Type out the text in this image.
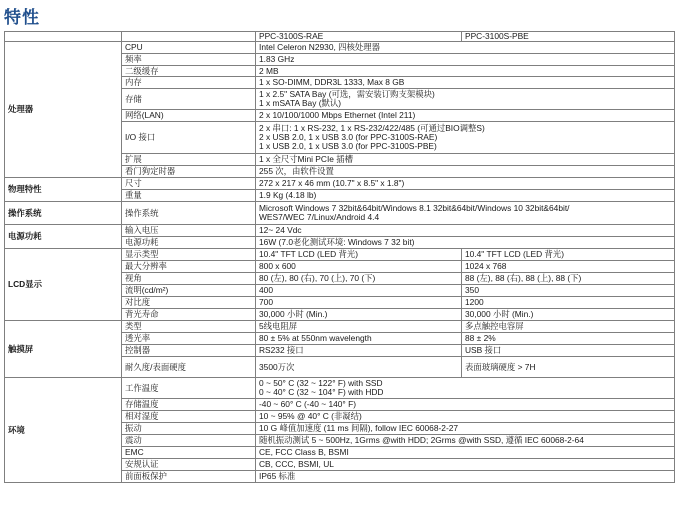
特性
		PPC-3100S-RAE	PPC-3100S-PBE
处理器	CPU	Intel Celeron N2930, 四核处理器	

	频率	1.83 GHz	

	二级缓存	2 MB	

	内存	1 x SO-DIMM, DDR3L 1333, Max 8 GB	

	存储	1 x 2.5" SATA Bay (可选，需安装订购支架模块)
1 x mSATA Bay (默认)	

	网络(LAN)	2 x 10/100/1000 Mbps Ethernet (Intel 211)	

	I/O 接口	2 x 串口: 1 x RS-232, 1 x RS-232/422/485 (可通过BIO调整S)
2 x USB 2.0, 1 x USB 3.0 (for PPC-3100S-RAE)
1 x USB 2.0, 1 x USB 3.0 (for PPC-3100S-PBE)	

	扩展	1 x 全尺寸Mini PCIe 插槽	

	看门狗定时器	255 次，由软件设置	

物理特性	尺寸	272 x 217 x 46 mm (10.7" x 8.5" x 1.8")	

	重量	1.9 Kg (4.18 lb)	

操作系统	操作系统	Microsoft Windows 7 32bit&64bit/Windows 8.1 32bit&64bit/Windows 10 32bit&64bit/
WES7/WEC 7/Linux/Android 4.4	

电源功耗	输入电压	12~ 24 Vdc	

	电源功耗	16W (7.0老化测试环境: Windows 7 32 bit)	

LCD显示	显示类型	10.4" TFT LCD (LED 背光)	10.4" TFT LCD (LED 背光)
	最大分辨率	800 x 600	1024 x 768
	视角	80 (左), 80 (右), 70 (上), 70 (下)	88 (左), 88 (右), 88 (上), 88 (下)
	流明(cd/m²)	400	350
	对比度	700	1200
	背光寿命	30,000 小时 (Min.)	30,000 小时 (Min.)
触摸屏	类型	5线电阻屏	多点触控电容屏
	透光率	80 ± 5% at 550nm wavelength	88 ± 2%
	控制器	RS232 接口	USB 接口
	耐久度/表面硬度	3500万次	表面玻璃硬度 > 7H
环境	工作温度	0 ~ 50° C (32 ~ 122° F) with SSD
0 ~ 40° C (32 ~ 104° F) with HDD	

	存储温度	-40 ~ 60° C (-40 ~ 140° F)	

	相对湿度	10 ~ 95% @ 40° C (非凝结)	

	振动	10 G 峰值加速度 (11 ms 间隔), follow IEC 60068-2-27	

	震动	随机振动测试 5 ~ 500Hz, 1Grms @with HDD; 2Grms @with SSD, 遵循 IEC 60068-2-64	

	EMC	CE, FCC Class B, BSMI	

	安规认证	CB, CCC, BSMI, UL	

	前面板保护	IP65 标准	
